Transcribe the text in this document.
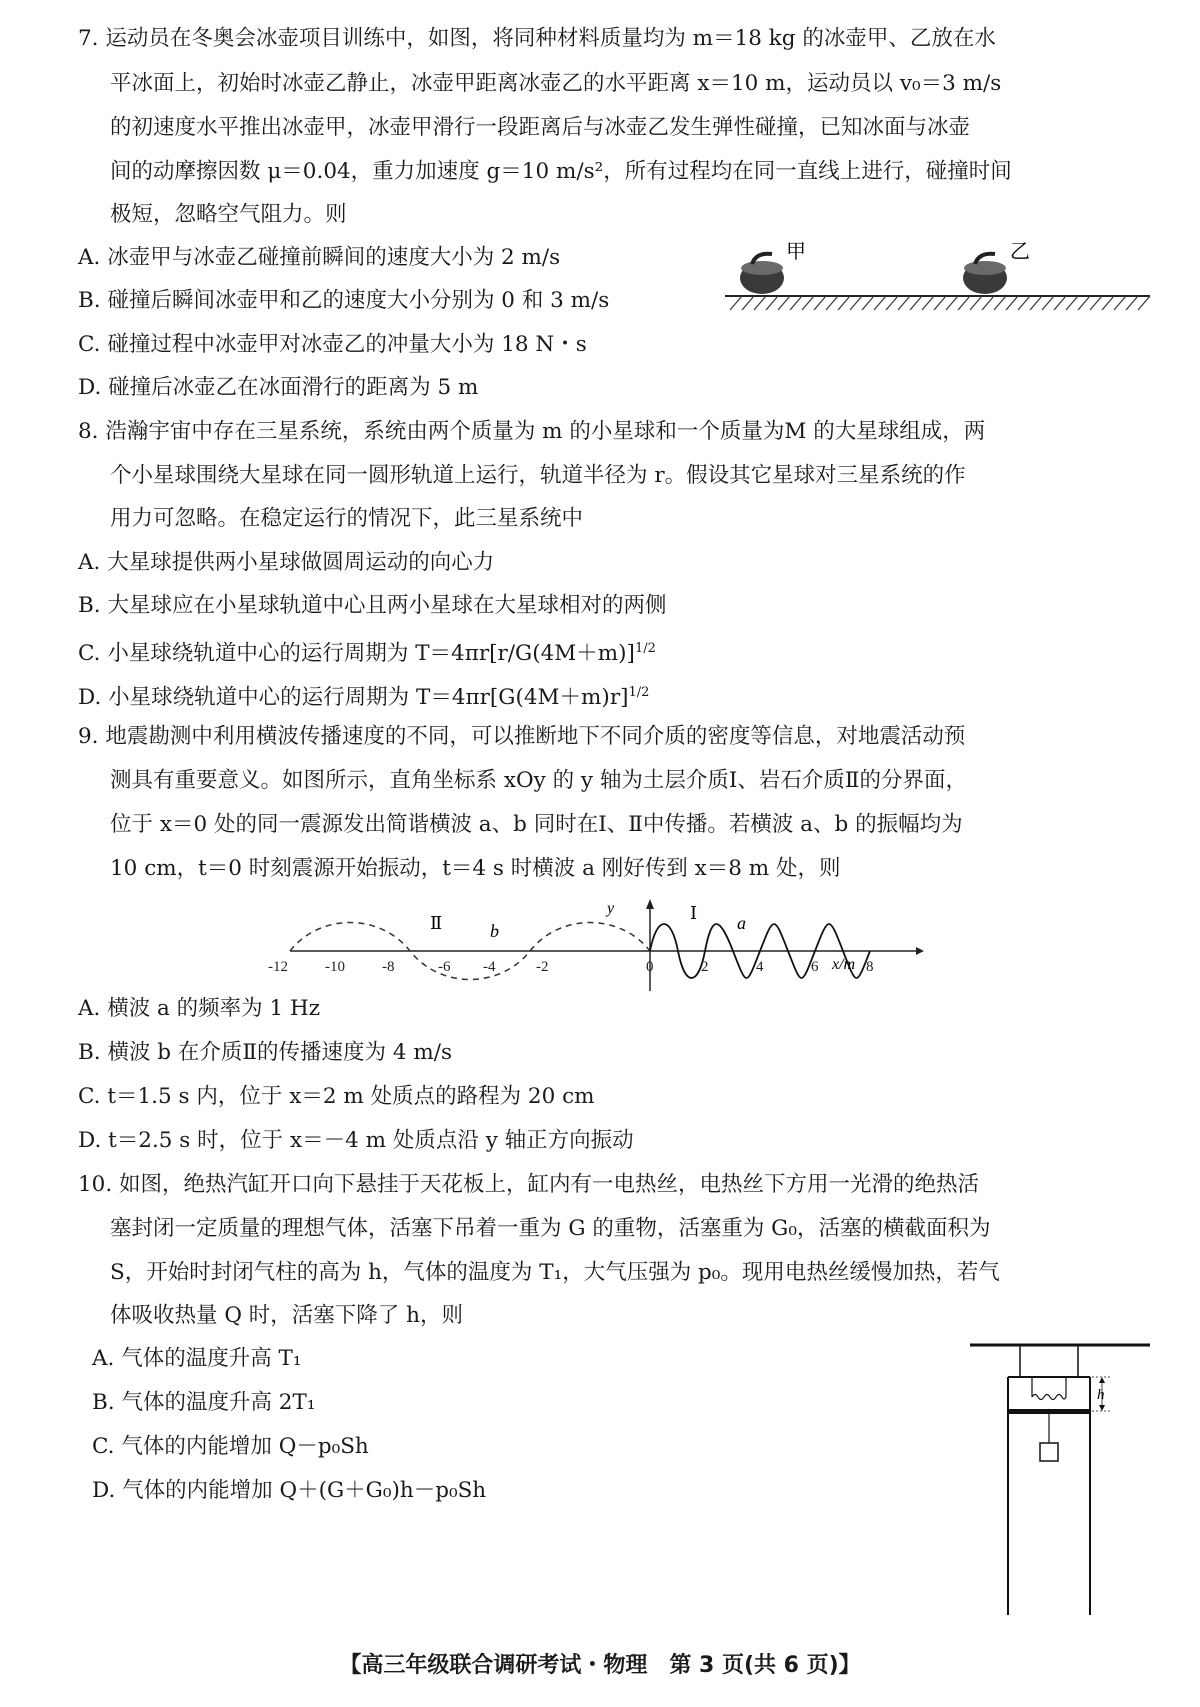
7. 运动员在冬奥会冰壶项目训练中，如图，将同种材料质量均为 m＝18 kg 的冰壶甲、乙放在水
平冰面上，初始时冰壶乙静止，冰壶甲距离冰壶乙的水平距离 x＝10 m，运动员以 v₀＝3 m/s
的初速度水平推出冰壶甲，冰壶甲滑行一段距离后与冰壶乙发生弹性碰撞，已知冰面与冰壶
间的动摩擦因数 μ＝0.04，重力加速度 g＝10 m/s²，所有过程均在同一直线上进行，碰撞时间
极短，忽略空气阻力。则
A. 冰壶甲与冰壶乙碰撞前瞬间的速度大小为 2 m/s
B. 碰撞后瞬间冰壶甲和乙的速度大小分别为 0 和 3 m/s
C. 碰撞过程中冰壶甲对冰壶乙的冲量大小为 18 N・s
D. 碰撞后冰壶乙在冰面滑行的距离为 5 m
甲	乙
8. 浩瀚宇宙中存在三星系统，系统由两个质量为 m 的小星球和一个质量为M 的大星球组成，两
个小星球围绕大星球在同一圆形轨道上运行，轨道半径为 r。假设其它星球对三星系统的作
用力可忽略。在稳定运行的情况下，此三星系统中
A. 大星球提供两小星球做圆周运动的向心力
B. 大星球应在小星球轨道中心且两小星球在大星球相对的两侧
C. 小星球绕轨道中心的运行周期为 $T=4\pi r[r/G(4M+m)]^{1/2}$
D. 小星球绕轨道中心的运行周期为 $T=4\pi r[G(4M+m)r]^{1/2}$
9. 地震勘测中利用横波传播速度的不同，可以推断地下不同介质的密度等信息，对地震活动预
测具有重要意义。如图所示，直角坐标系 xOy 的 y 轴为土层介质Ⅰ、岩石介质Ⅱ的分界面，
位于 x＝0 处的同一震源发出简谐横波 a、b 同时在Ⅰ、Ⅱ中传播。若横波 a、b 的振幅均为
10 cm，t＝0 时刻震源开始振动，t＝4 s 时横波 a 刚好传到 x＝8 m 处，则
Ⅱ	b
Ⅰ a
y
x/m
-12 -10 -8	-6 -4	-2	0	2	4	6	8
A. 横波 a 的频率为 1 Hz
B. 横波 b 在介质Ⅱ的传播速度为 4 m/s
C. t＝1.5 s 内，位于 x＝2 m 处质点的路程为 20 cm
D. t＝2.5 s 时，位于 x＝－4 m 处质点沿 y 轴正方向振动
10. 如图，绝热汽缸开口向下悬挂于天花板上，缸内有一电热丝，电热丝下方用一光滑的绝热活
塞封闭一定质量的理想气体，活塞下吊着一重为 G 的重物，活塞重为 G₀，活塞的横截面积为
S，开始时封闭气柱的高为 h，气体的温度为 T₁，大气压强为 p₀。现用电热丝缓慢加热，若气
体吸收热量 Q 时，活塞下降了 h，则
A. 气体的温度升高 T₁
B. 气体的温度升高 2T₁
C. 气体的内能增加 Q－p₀Sh
D. 气体的内能增加 Q＋(G＋G₀)h－p₀Sh
h
【高三年级联合调研考试・物理　第 3 页(共 6 页)】
